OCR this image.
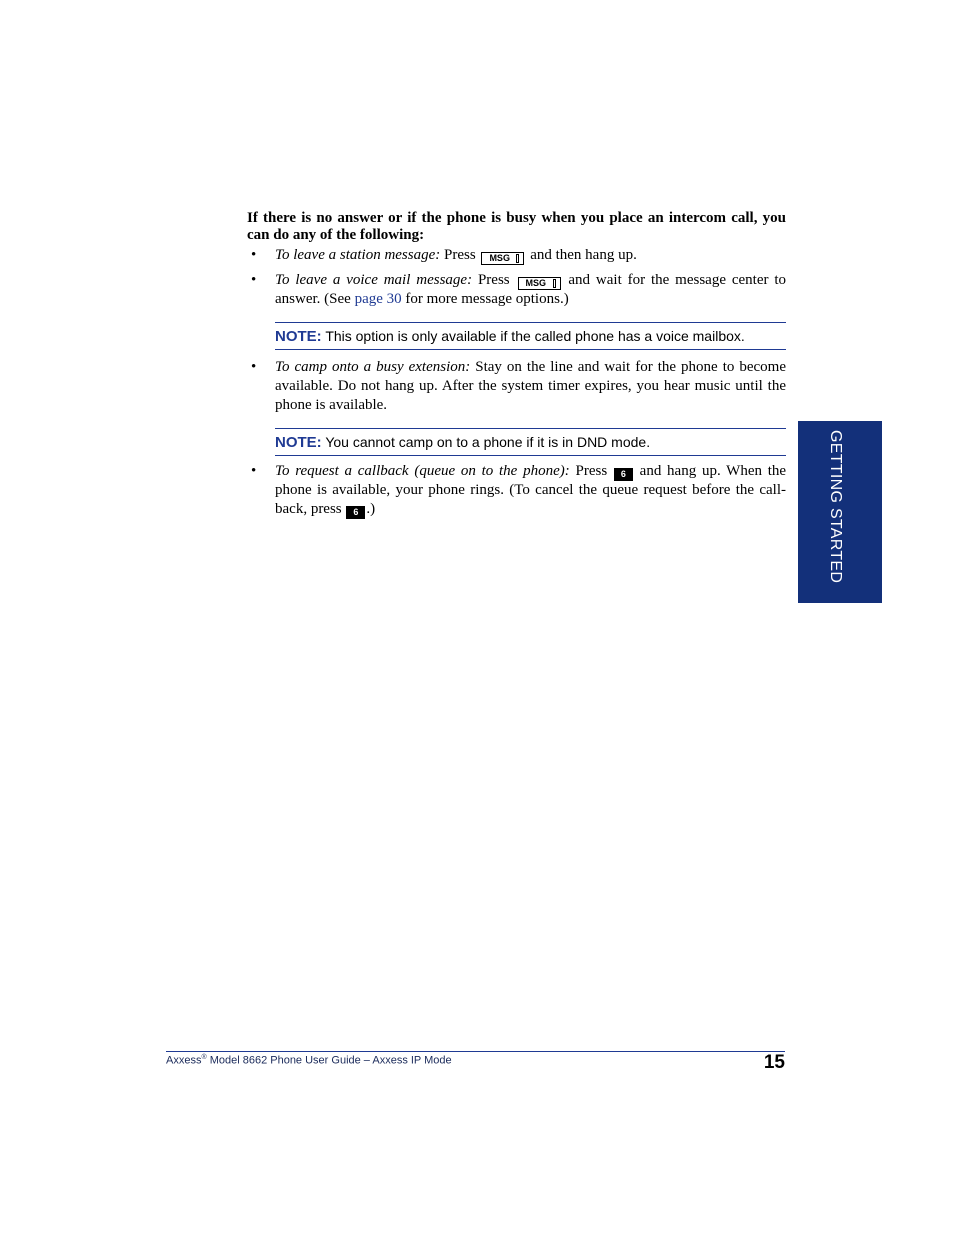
If there is no answer or if the phone is busy when you place an intercom call, you can do any of the following:

• To leave a station message: Press MSG and then hang up.
• To leave a voice mail message: Press MSG and wait for the message center to answer. (See page 30 for more message options.)
NOTE: This option is only available if the called phone has a voice mailbox.
• To camp onto a busy extension: Stay on the line and wait for the phone to become available. Do not hang up. After the system timer expires, you hear music until the phone is available.
NOTE: You cannot camp on to a phone if it is in DND mode.
• To request a callback (queue on to the phone): Press 6 and hang up. When the phone is available, your phone rings. (To cancel the queue request before the call-back, press 6 .)	GETTING STARTED
Axxess® Model 8662 Phone User Guide – Axxess IP Mode	15
